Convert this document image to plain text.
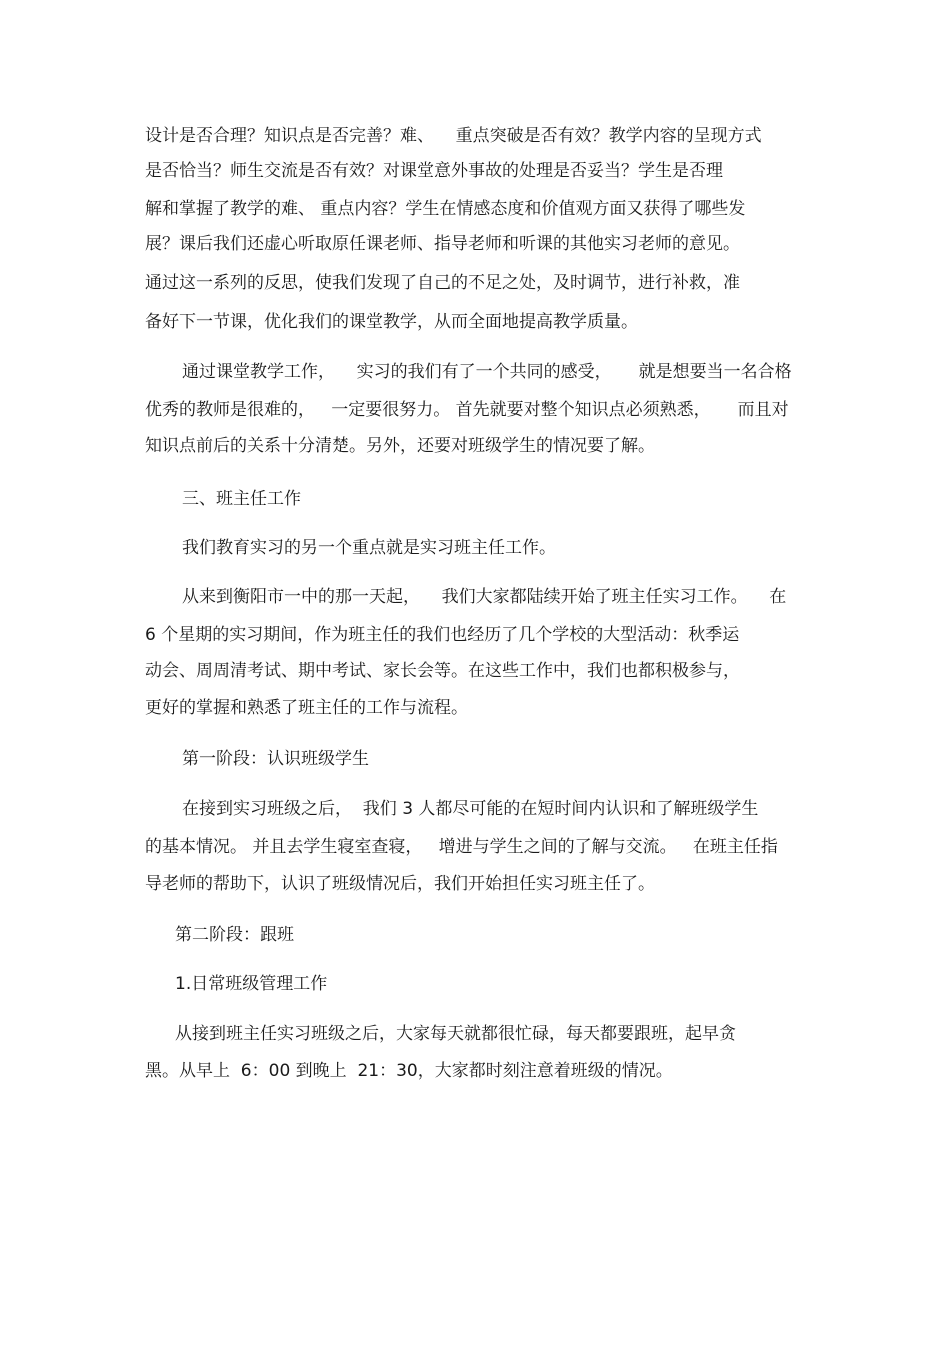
设计是否合理？知识点是否完善？难、    重点突破是否有效？教学内容的呈现方式
是否恰当？师生交流是否有效？对课堂意外事故的处理是否妥当？学生是否理
解和掌握了教学的难、 重点内容？学生在情感态度和价值观方面又获得了哪些发
展？课后我们还虚心听取原任课老师、指导老师和听课的其他实习老师的意见。
通过这一系列的反思，使我们发现了自己的不足之处，及时调节，进行补救，准
备好下一节课，优化我们的课堂教学，从而全面地提高教学质量。
通过课堂教学工作，    实习的我们有了一个共同的感受，     就是想要当一名合格
优秀的教师是很难的，   一定要很努力。 首先就要对整个知识点必须熟悉，     而且对
知识点前后的关系十分清楚。另外，还要对班级学生的情况要了解。
三、班主任工作
我们教育实习的另一个重点就是实习班主任工作。
从来到衡阳市一中的那一天起，    我们大家都陆续开始了班主任实习工作。    在
6 个星期的实习期间，作为班主任的我们也经历了几个学校的大型活动：秋季运
动会、周周清考试、期中考试、家长会等。在这些工作中，我们也都积极参与，
更好的掌握和熟悉了班主任的工作与流程。
第一阶段：认识班级学生
在接到实习班级之后，  我们 3 人都尽可能的在短时间内认识和了解班级学生
的基本情况。 并且去学生寝室查寝，   增进与学生之间的了解与交流。   在班主任指
导老师的帮助下，认识了班级情况后，我们开始担任实习班主任了。
第二阶段：跟班
1.日常班级管理工作
从接到班主任实习班级之后，大家每天就都很忙碌，每天都要跟班，起早贪
黑。从早上  6：00 到晚上  21：30，大家都时刻注意着班级的情况。
